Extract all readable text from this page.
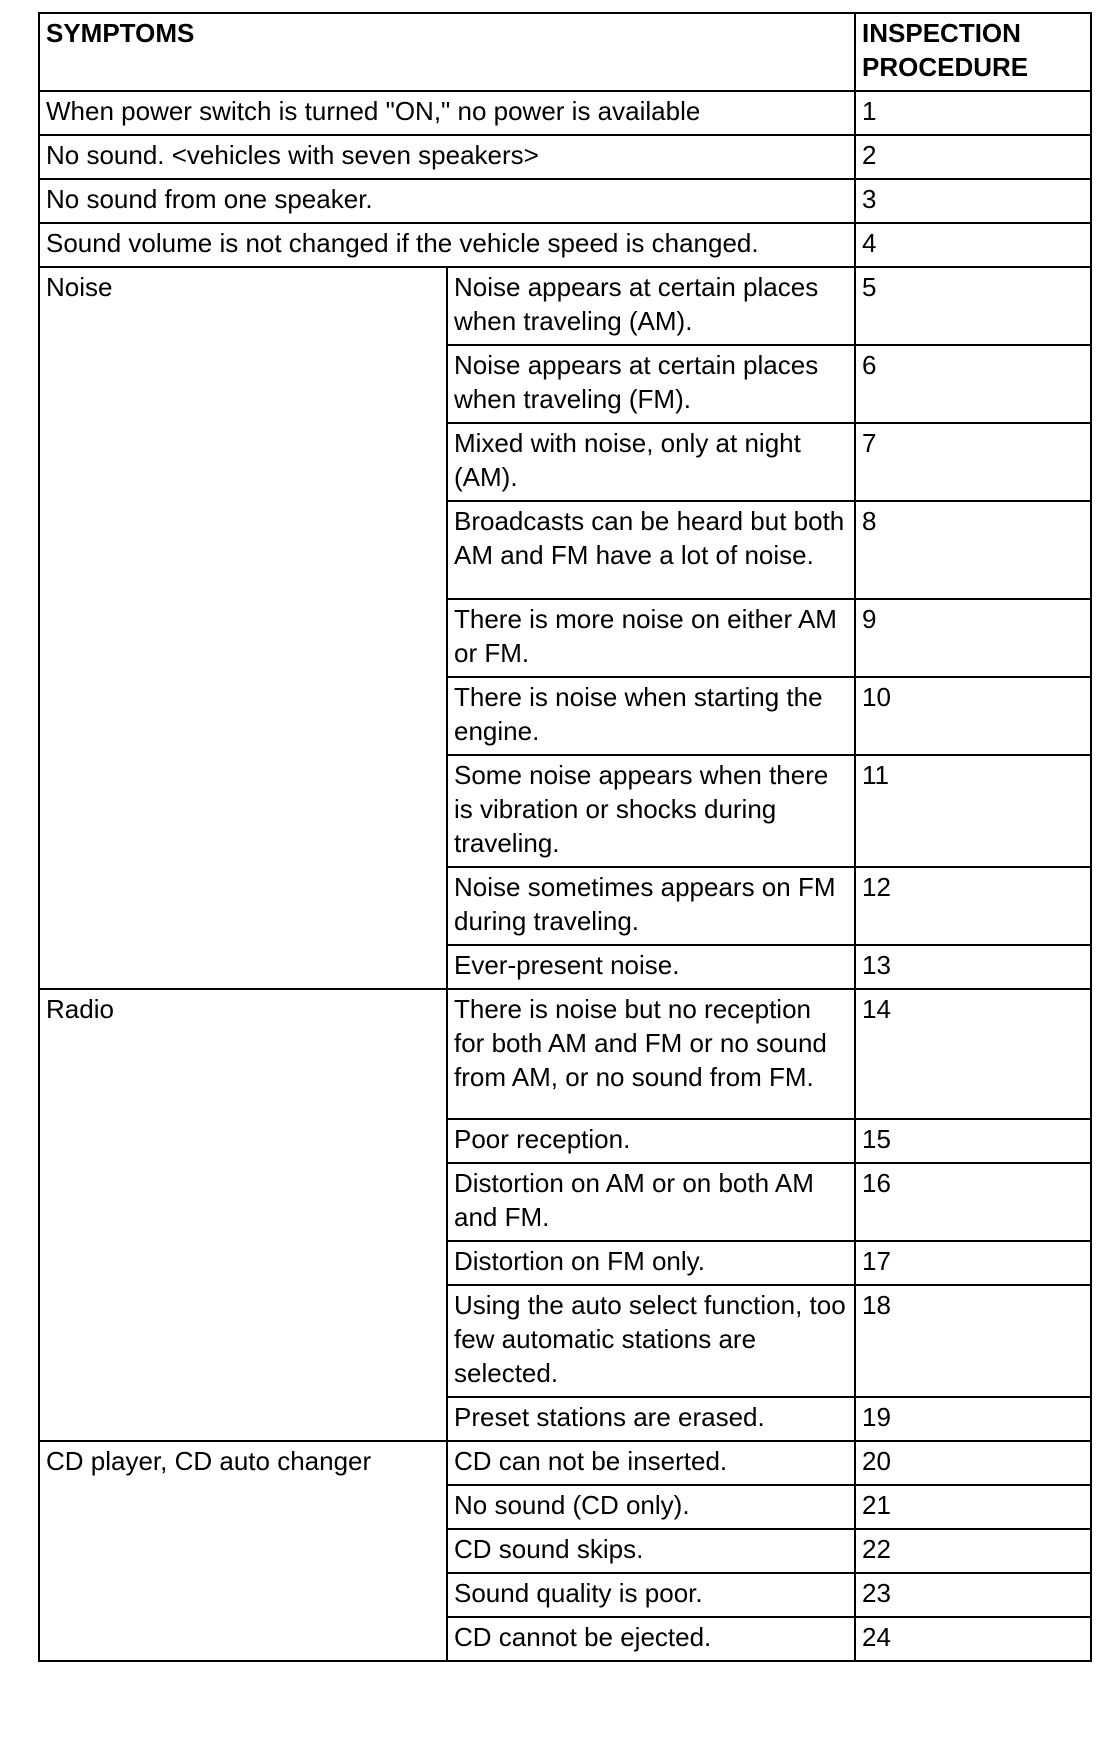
SYMPTOMS		INSPECTION
PROCEDURE
When power switch is turned "ON," no power is available		1
No sound. <vehicles with seven speakers>		2
No sound from one speaker.		3
Sound volume is not changed if the vehicle speed is changed.		4
Noise	Noise appears at certain places when traveling (AM).	5
	Noise appears at certain places when traveling (FM).	6
	Mixed with noise, only at night (AM).	7
	Broadcasts can be heard but both AM and FM have a lot of noise.	8
	There is more noise on either AM or FM.	9
	There is noise when starting the engine.	10
	Some noise appears when there is vibration or shocks during traveling.	11
	Noise sometimes appears on FM during traveling.	12
	Ever-present noise.	13
Radio	There is noise but no reception for both AM and FM or no sound from AM, or no sound from FM.	14
	Poor reception.	15
	Distortion on AM or on both AM and FM.	16
	Distortion on FM only.	17
	Using the auto select function, too few automatic stations are selected.	18
	Preset stations are erased.	19
CD player, CD auto changer	CD can not be inserted.	20
	No sound (CD only).	21
	CD sound skips.	22
	Sound quality is poor.	23
	CD cannot be ejected.	24
